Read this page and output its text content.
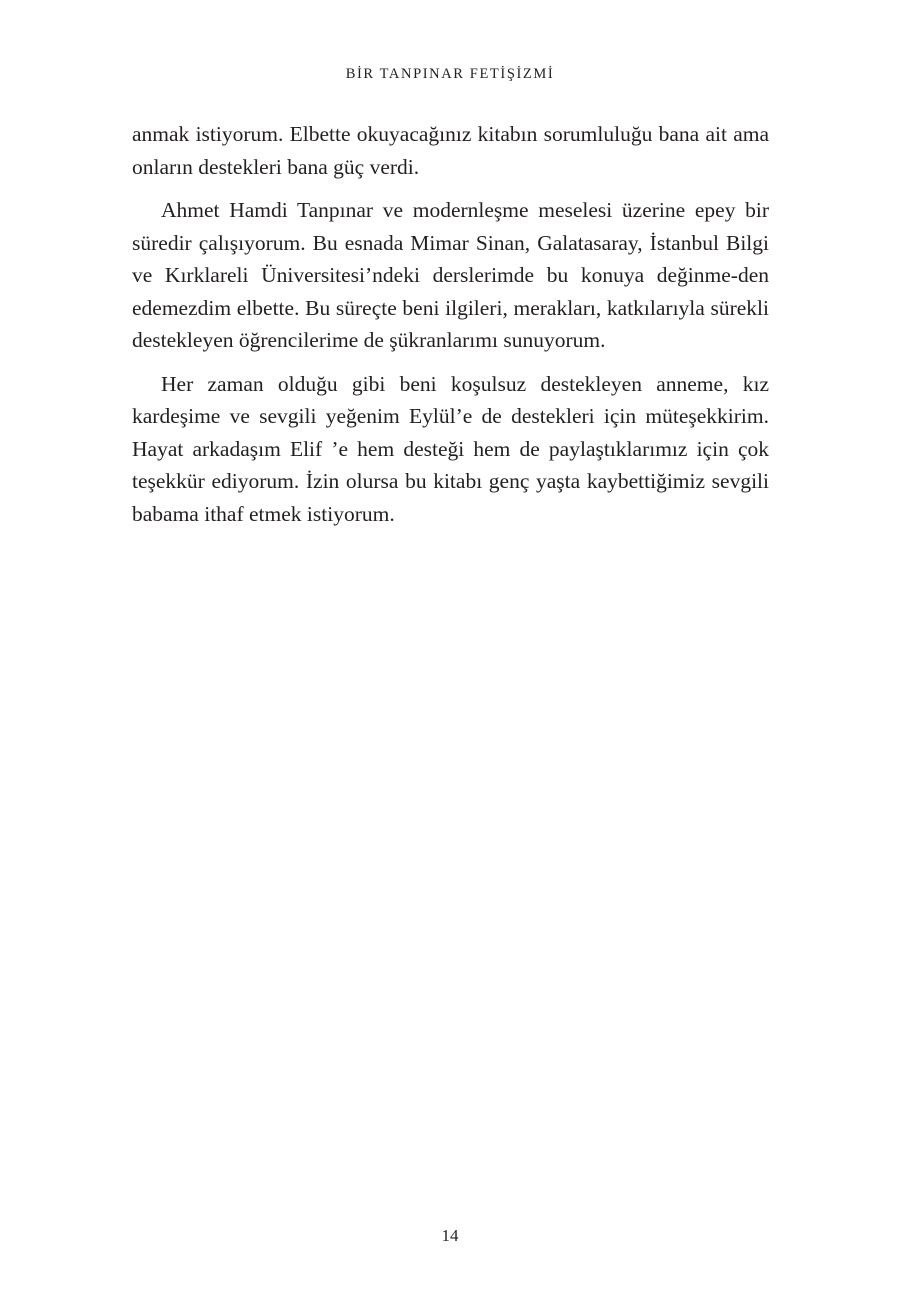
BİR TANPINAR FETİŞİZMİ

anmak istiyorum. Elbette okuyacağınız kitabın sorumluluğu bana ait ama onların destekleri bana güç verdi.

Ahmet Hamdi Tanpınar ve modernleşme meselesi üzerine epey bir süredir çalışıyorum. Bu esnada Mimar Sinan, Galatasaray, İstanbul Bilgi ve Kırklareli Üniversitesi’ndeki derslerimde bu konuya değinme-den edemezdim elbette. Bu süreçte beni ilgileri, merakları, katkılarıyla sürekli destekleyen öğrencilerime de şükranlarımı sunuyorum.

Her zaman olduğu gibi beni koşulsuz destekleyen anneme, kız kardeşime ve sevgili yeğenim Eylül’e de destekleri için müteşekkirim. Hayat arkadaşım Elif ’e hem desteği hem de paylaştıklarımız için çok teşekkür ediyorum. İzin olursa bu kitabı genç yaşta kaybettiğimiz sevgili babama ithaf etmek istiyorum.

14
